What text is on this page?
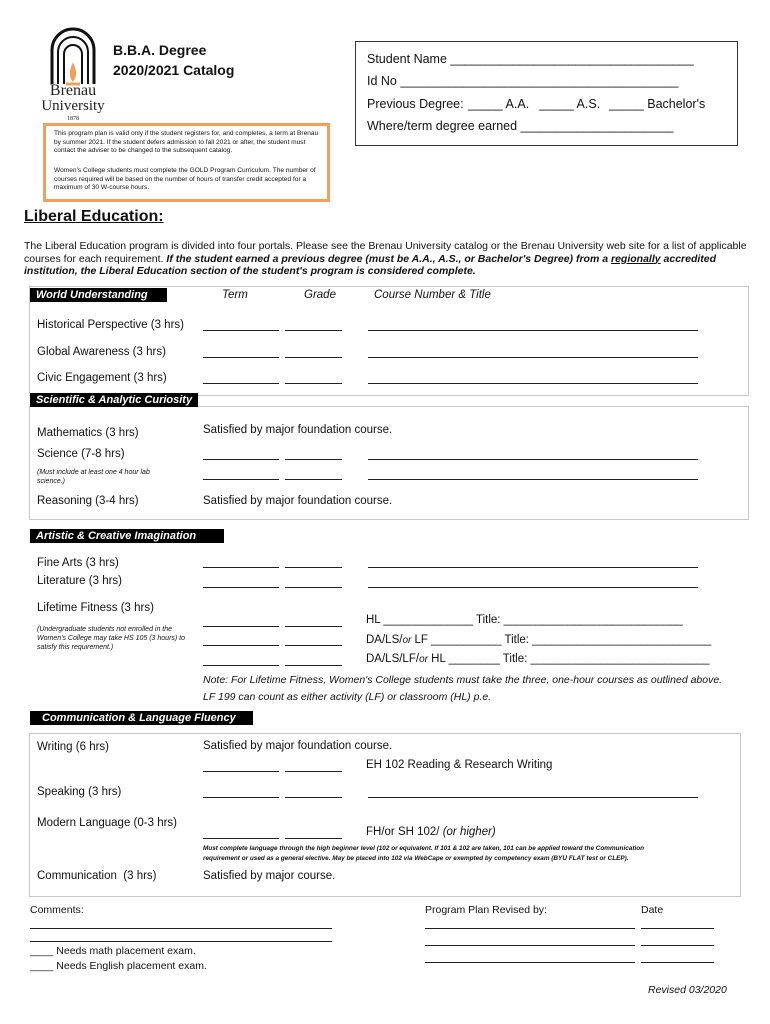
Brenau
University
1878
B.B.A. Degree
2020/2021 Catalog
Student Name ___________________________________
Id No ________________________________________
Previous Degree: _____ A.A. _____ A.S. _____ Bachelor's
Where/term degree earned ______________________
This program plan is valid only if the student registers for, and completes, a term at Brenau by summer 2021. If the student defers admission to fall 2021 or after, the student must contact the adviser to be changed to the subsequent catalog.
Women's College students must complete the GOLD Program Curriculum. The number of courses required will be based on the number of hours of transfer credit accepted for a maximum of 30 W-course hours.
Liberal Education:
The Liberal Education program is divided into four portals. Please see the Brenau University catalog or the Brenau University web site for a list of applicable courses for each requirement. If the student earned a previous degree (must be A.A., A.S., or Bachelor's Degree) from a regionally accredited institution, the Liberal Education section of the student's program is considered complete.
World Understanding	Term	Grade	Course Number & Title
Historical Perspective (3 hrs)
Global Awareness (3 hrs)
Civic Engagement (3 hrs)
Scientific & Analytic Curiosity
Mathematics (3 hrs)	Satisfied by major foundation course.
Science (7-8 hrs)
(Must include at least one 4 hour lab science.)
Reasoning (3-4 hrs)	Satisfied by major foundation course.
Artistic & Creative Imagination
Fine Arts (3 hrs)
Literature (3 hrs)
Lifetime Fitness (3 hrs)
(Undergraduate students not enrolled in the Women's College may take HS 105 (3 hours) to satisfy this requirement.)
HL ______________ Title: ____________________________
DA/LS/or LF ___________ Title: ____________________________
DA/LS/LF/or HL ________ Title: ____________________________
Note: For Lifetime Fitness, Women's College students must take the three, one-hour courses as outlined above.
LF 199 can count as either activity (LF) or classroom (HL) p.e.
Communication & Language Fluency
Writing (6 hrs)	Satisfied by major foundation course.
EH 102 Reading & Research Writing
Speaking (3 hrs)
Modern Language (0-3 hrs)
FH/or SH 102/ (or higher)
Must complete language through the high beginner level (102 or equivalent. If 101 & 102 are taken, 101 can be applied toward the Communication
requirement or used as a general elective. May be placed into 102 via WebCape or exempted by competency exam (BYU FLAT test or CLEP).
Communication  (3 hrs)	Satisfied by major course.
Comments:
____ Needs math placement exam.
____ Needs English placement exam.
Program Plan Revised by:	Date
Revised 03/2020
